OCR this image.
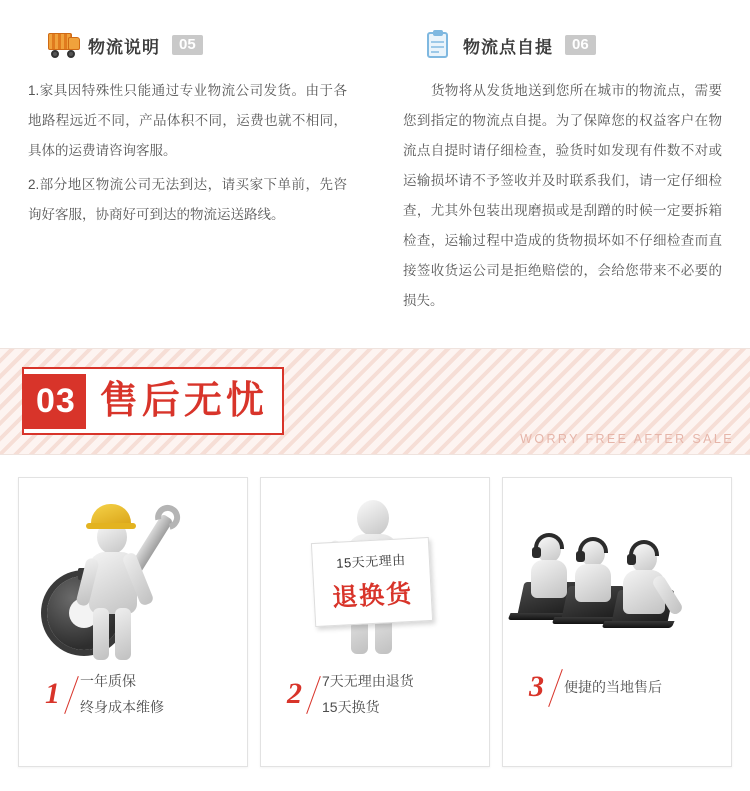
物流说明	05

1.家具因特殊性只能通过专业物流公司发货。由于各地路程远近不同，产品体积不同，运费也就不相同，具体的运费请咨询客服。

2.部分地区物流公司无法到达，请买家下单前，先咨询好客服，协商好可到达的物流运送路线。

物流点自提	06

货物将从发货地送到您所在城市的物流点，需要您到指定的物流点自提。为了保障您的权益客户在物流点自提时请仔细检查，验货时如发现有件数不对或运输损坏请不予签收并及时联系我们，请一定仔细检查，尤其外包装出现磨损或是刮蹭的时候一定要拆箱检查，运输过程中造成的货物损坏如不仔细检查而直接签收货运公司是拒绝赔偿的，会给您带来不必要的损失。

03 售后无忧
WORRY FREE AFTER SALE
1	一年质保
终身成本维修
15天无理由
退换货
2	7天无理由退货
15天换货
3	便捷的当地售后
